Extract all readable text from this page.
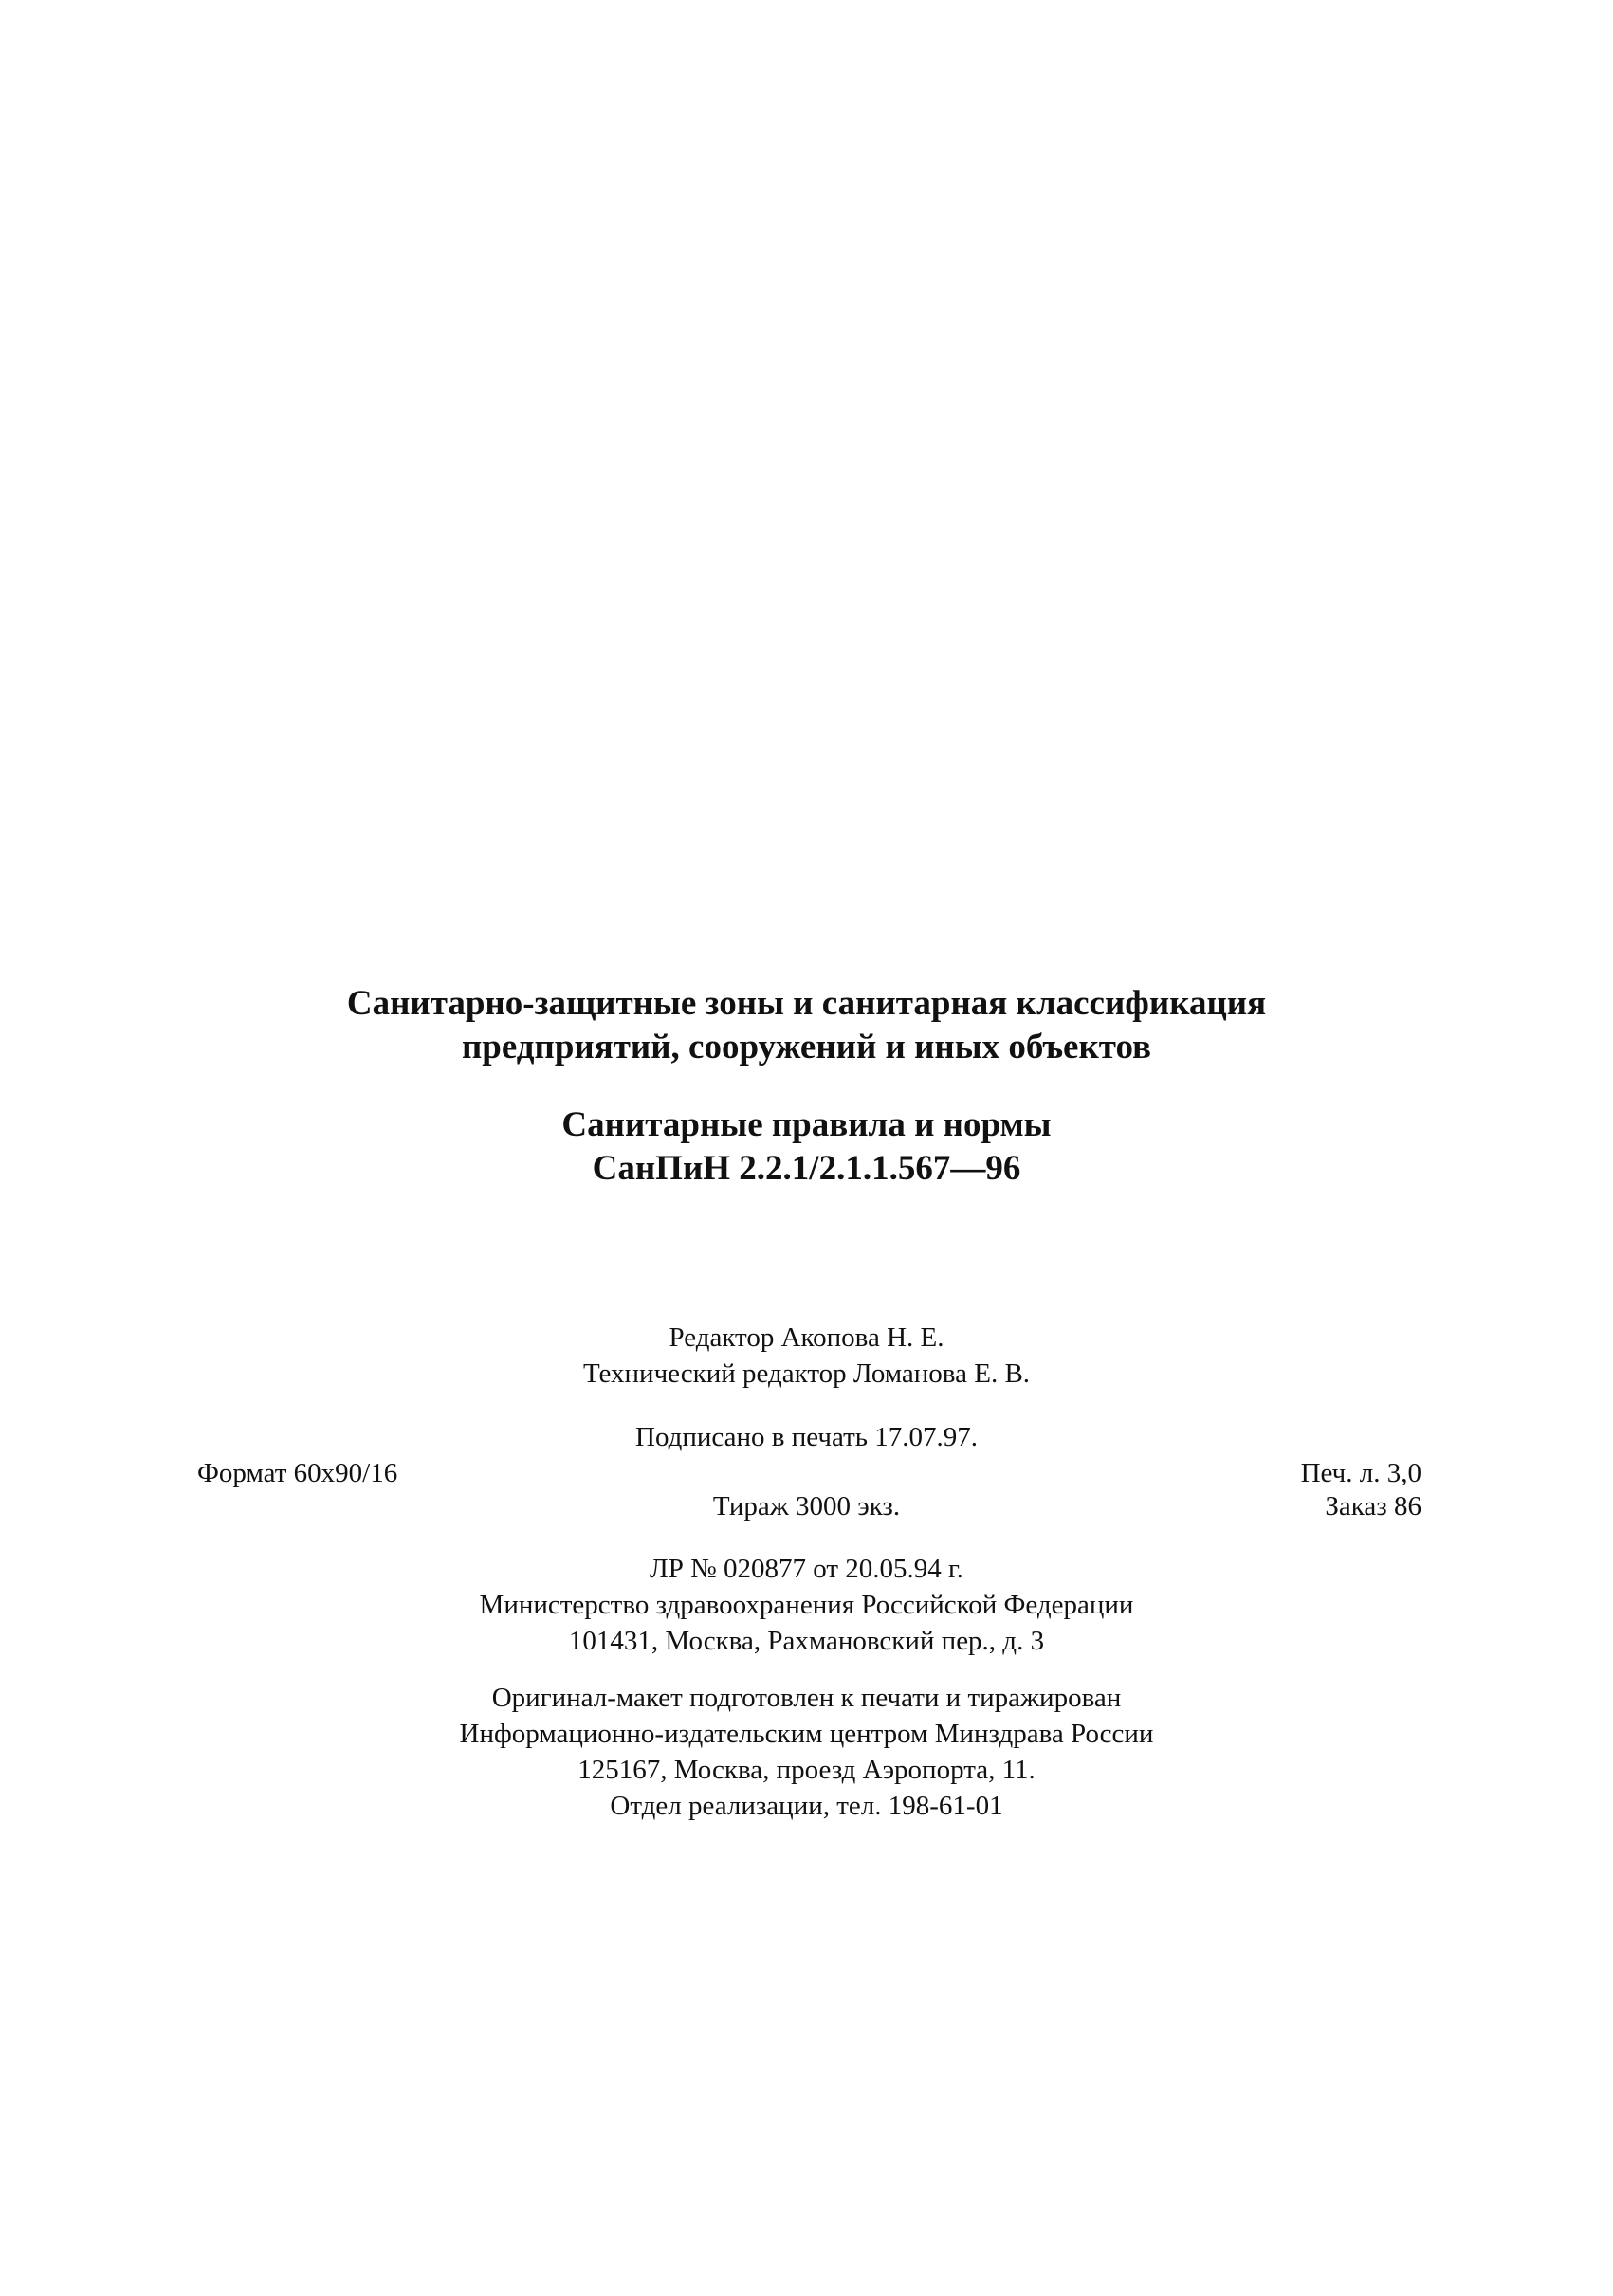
Санитарно-защитные зоны и санитарная классификация
предприятий, сооружений и иных объектов
Санитарные правила и нормы
СанПиН 2.2.1/2.1.1.567—96
Редактор Акопова Н. Е.
Технический редактор Ломанова Е. В.
Подписано в печать 17.07.97.
Формат 60x90/16	Печ. л. 3,0
Тираж 3000 экз.	Заказ 86
ЛР № 020877 от 20.05.94 г.
Министерство здравоохранения Российской Федерации
101431, Москва, Рахмановский пер., д. 3
Оригинал-макет подготовлен к печати и тиражирован
Информационно-издательским центром Минздрава России
125167, Москва, проезд Аэропорта, 11.
Отдел реализации, тел. 198-61-01
